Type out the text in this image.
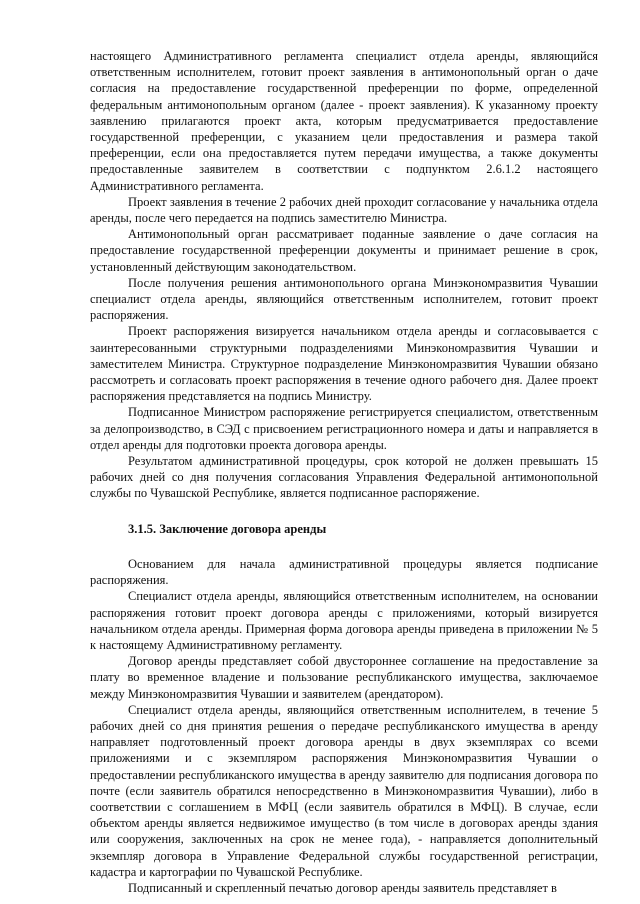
настоящего Административного регламента специалист отдела аренды, являющийся ответственным исполнителем, готовит проект заявления в антимонопольный орган о даче согласия на предоставление государственной преференции по форме, определенной федеральным антимонопольным органом (далее - проект заявления). К указанному проекту заявлению прилагаются проект акта, которым предусматривается предоставление государственной преференции, с указанием цели предоставления и размера такой преференции, если она предоставляется путем передачи имущества, а также документы предоставленные заявителем в соответствии с подпунктом 2.6.1.2 настоящего Административного регламента.

Проект заявления в течение 2 рабочих дней проходит согласование у начальника отдела аренды, после чего передается на подпись заместителю Министра.

Антимонопольный орган рассматривает поданные заявление о даче согласия на предоставление государственной преференции документы и принимает решение в срок, установленный действующим законодательством.

После получения решения антимонопольного органа Минэкономразвития Чувашии специалист отдела аренды, являющийся ответственным исполнителем, готовит проект распоряжения.

Проект распоряжения визируется начальником отдела аренды и согласовывается с заинтересованными структурными подразделениями Минэкономразвития Чувашии и заместителем Министра. Структурное подразделение Минэкономразвития Чувашии обязано рассмотреть и согласовать проект распоряжения в течение одного рабочего дня. Далее проект распоряжения представляется на подпись Министру.

Подписанное Министром распоряжение регистрируется специалистом, ответственным за делопроизводство, в СЭД с присвоением регистрационного номера и даты и направляется в отдел аренды для подготовки проекта договора аренды.

Результатом административной процедуры, срок которой не должен превышать 15 рабочих дней со дня получения согласования Управления Федеральной антимонопольной службы по Чувашской Республике, является подписанное распоряжение.

3.1.5. Заключение договора аренды

Основанием для начала административной процедуры является подписание распоряжения.

Специалист отдела аренды, являющийся ответственным исполнителем, на основании распоряжения готовит проект договора аренды с приложениями, который визируется начальником отдела аренды. Примерная форма договора аренды приведена в приложении № 5 к настоящему Административному регламенту.

Договор аренды представляет собой двустороннее соглашение на предоставление за плату во временное владение и пользование республиканского имущества, заключаемое между Минэкономразвития Чувашии и заявителем (арендатором).

Специалист отдела аренды, являющийся ответственным исполнителем, в течение 5 рабочих дней со дня принятия решения о передаче республиканского имущества в аренду направляет подготовленный проект договора аренды в двух экземплярах со всеми приложениями и с экземпляром распоряжения Минэкономразвития Чувашии о предоставлении республиканского имущества в аренду заявителю для подписания договора по почте (если заявитель обратился непосредственно в Минэкономразвития Чувашии), либо в соответствии с соглашением в МФЦ (если заявитель обратился в МФЦ). В случае, если объектом аренды является недвижимое имущество (в том числе в договорах аренды здания или сооружения, заключенных на срок не менее года), - направляется дополнительный экземпляр договора в Управление Федеральной службы государственной регистрации, кадастра и картографии по Чувашской Республике.

Подписанный и скрепленный печатью договор аренды заявитель представляет в
